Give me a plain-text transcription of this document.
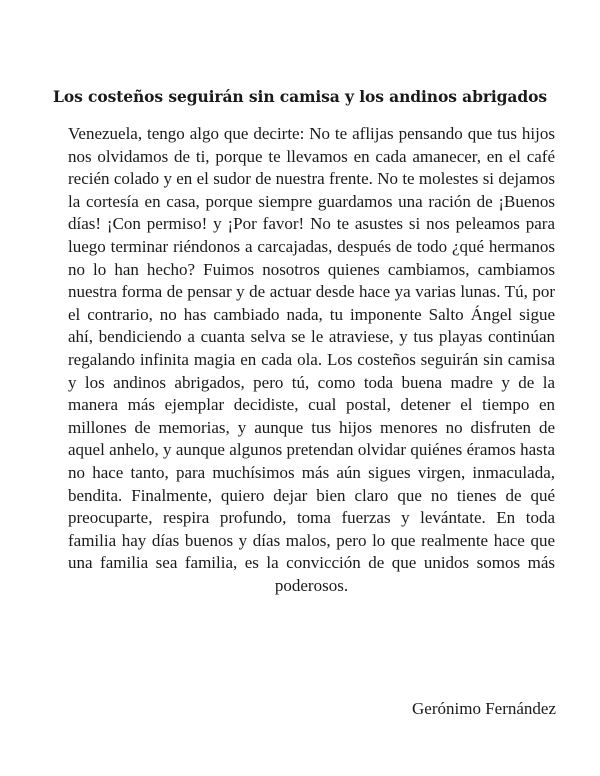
Los costeños seguirán sin camisa y los andinos abrigados

Venezuela, tengo algo que decirte: No te aflijas pensando que tus hijos nos olvidamos de ti, porque te llevamos en cada amanecer, en el café recién colado y en el sudor de nuestra frente. No te molestes si dejamos la cortesía en casa, porque siempre guardamos una ración de ¡Buenos días! ¡Con permiso! y ¡Por favor! No te asustes si nos peleamos para luego terminar riéndonos a carcajadas, después de todo ¿qué hermanos no lo han hecho? Fuimos nosotros quienes cambiamos, cambiamos nuestra forma de pensar y de actuar desde hace ya varias lunas. Tú, por el contrario, no has cambiado nada, tu imponente Salto Ángel sigue ahí, bendiciendo a cuanta selva se le atraviese, y tus playas continúan regalando infinita magia en cada ola. Los costeños seguirán sin camisa y los andinos abrigados, pero tú, como toda buena madre y de la manera más ejemplar decidiste, cual postal, detener el tiempo en millones de memorias, y aunque tus hijos menores no disfruten de aquel anhelo, y aunque algunos pretendan olvidar quiénes éramos hasta no hace tanto, para muchísimos más aún sigues virgen, inmaculada, bendita. Finalmente, quiero dejar bien claro que no tienes de qué preocuparte, respira profundo, toma fuerzas y levántate. En toda familia hay días buenos y días malos, pero lo que realmente hace que una familia sea familia, es la convicción de que unidos somos más poderosos.

Gerónimo Fernández
